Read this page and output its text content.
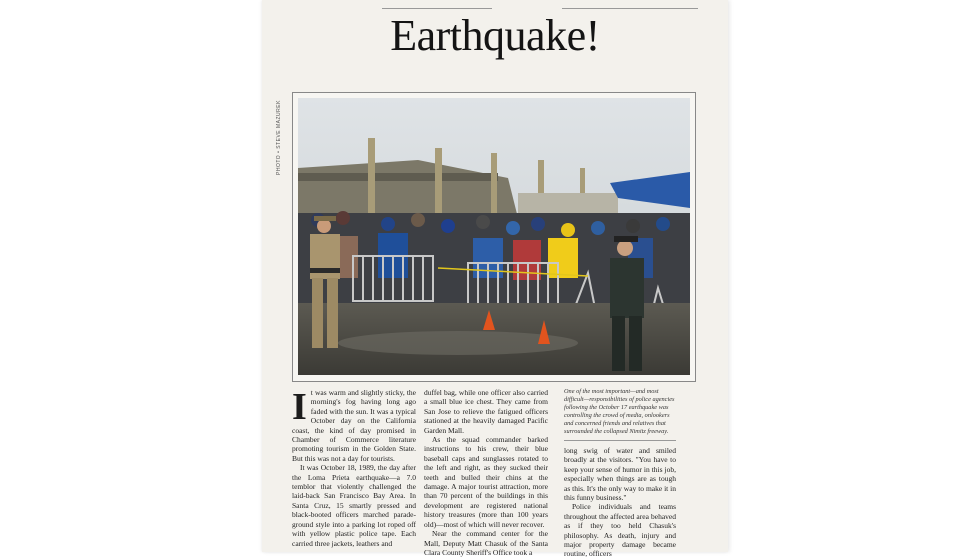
Earthquake!
PHOTO • STEVE MAZUREK

It was warm and slightly sticky, the morning's fog having long ago faded with the sun. It was a typical October day on the California coast, the kind of day promised in Chamber of Commerce literature promoting tourism in the Golden State. But this was not a day for tourists.

It was October 18, 1989, the day after the Loma Prieta earthquake—a 7.0 temblor that violently challenged the laid-back San Francisco Bay Area. In Santa Cruz, 15 smartly pressed and black-booted officers marched parade-ground style into a parking lot roped off with yellow plastic police tape. Each carried three jackets, leathers and

duffel bag, while one officer also carried a small blue ice chest. They came from San Jose to relieve the fatigued officers stationed at the heavily damaged Pacific Garden Mall.

As the squad commander barked instructions to his crew, their blue baseball caps and sunglasses rotated to the left and right, as they sucked their teeth and bulled their chins at the damage. A major tourist attraction, more than 70 percent of the buildings in this development are registered national history treasures (more than 100 years old)—most of which will never recover.

Near the command center for the Mall, Deputy Matt Chasuk of the Santa Clara County Sheriff's Office took a

One of the most important—and most difficult—responsibilities of police agencies following the October 17 earthquake was controlling the crowd of media, onlookers and concerned friends and relatives that surrounded the collapsed Nimitz freeway.

long swig of water and smiled broadly at the visitors. "You have to keep your sense of humor in this job, especially when things are as tough as this. It's the only way to make it in this funny business."

Police individuals and teams throughout the affected area behaved as if they too held Chasuk's philosophy. As death, injury and major property damage became routine, officers
